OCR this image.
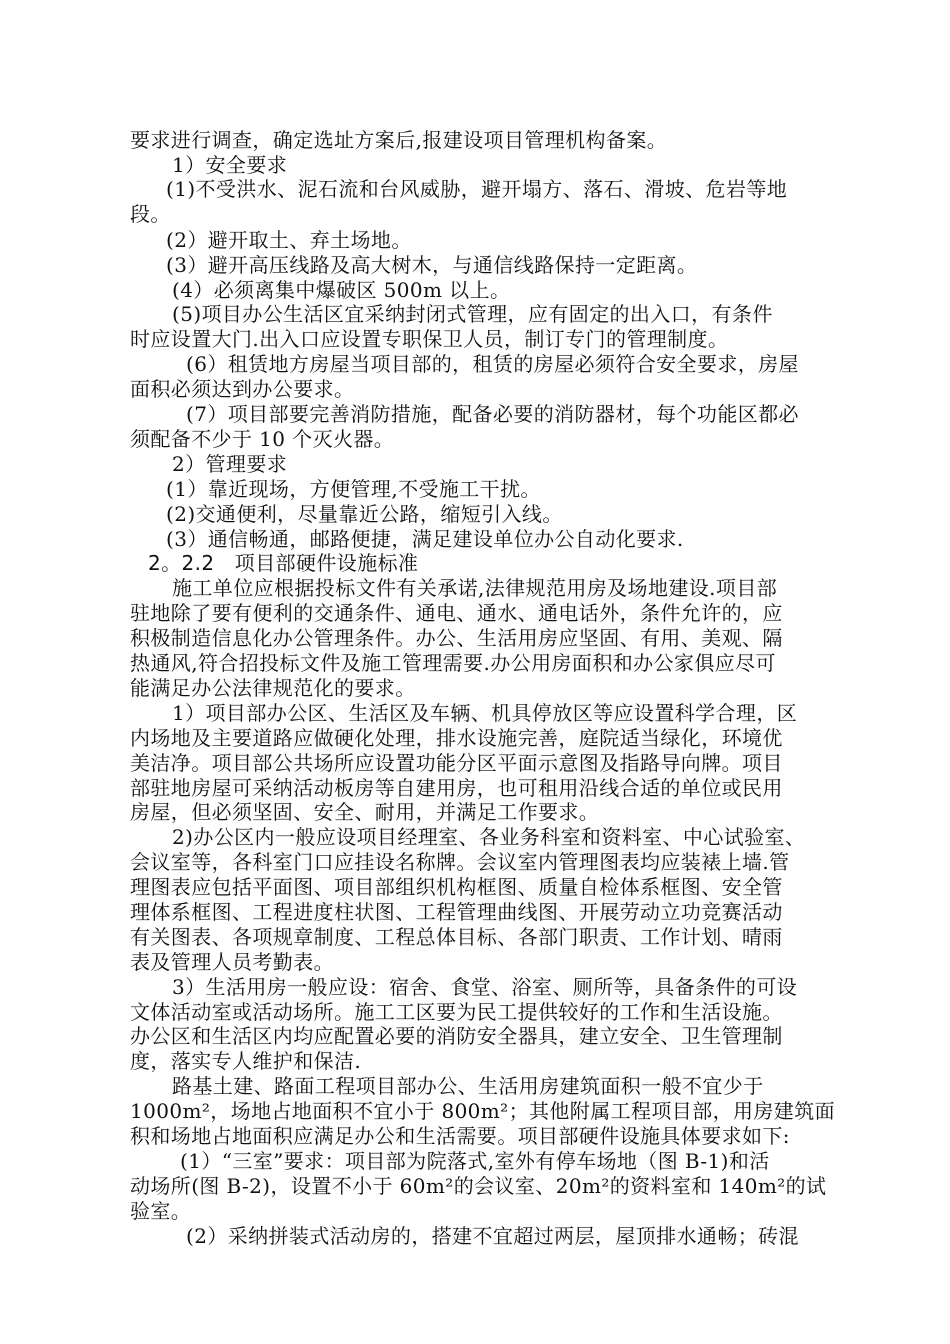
要求进行调查，确定选址方案后,报建设项目管理机构备案。
1）安全要求
(1)不受洪水、泥石流和台风威胁，避开塌方、落石、滑坡、危岩等地
段。
(2）避开取土、弃土场地。
(3）避开高压线路及高大树木，与通信线路保持一定距离。
(4）必须离集中爆破区 500m 以上。
(5)项目办公生活区宜采纳封闭式管理，应有固定的出入口，有条件
时应设置大门.出入口应设置专职保卫人员，制订专门的管理制度。
(6）租赁地方房屋当项目部的，租赁的房屋必须符合安全要求，房屋
面积必须达到办公要求。
(7）项目部要完善消防措施，配备必要的消防器材，每个功能区都必
须配备不少于 10 个灭火器。
2）管理要求
(1）靠近现场，方便管理,不受施工干扰。
(2)交通便利，尽量靠近公路，缩短引入线。
(3）通信畅通，邮路便捷，满足建设单位办公自动化要求.
2。2.2   项目部硬件设施标准
施工单位应根据投标文件有关承诺,法律规范用房及场地建设.项目部
驻地除了要有便利的交通条件、通电、通水、通电话外，条件允许的，应
积极制造信息化办公管理条件。办公、生活用房应坚固、有用、美观、隔
热通风,符合招投标文件及施工管理需要.办公用房面积和办公家俱应尽可
能满足办公法律规范化的要求。
1）项目部办公区、生活区及车辆、机具停放区等应设置科学合理，区
内场地及主要道路应做硬化处理，排水设施完善，庭院适当绿化，环境优
美洁净。项目部公共场所应设置功能分区平面示意图及指路导向牌。项目
部驻地房屋可采纳活动板房等自建用房，也可租用沿线合适的单位或民用
房屋，但必须坚固、安全、耐用，并满足工作要求。
2)办公区内一般应设项目经理室、各业务科室和资料室、中心试验室、
会议室等，各科室门口应挂设名称牌。会议室内管理图表均应装裱上墙.管
理图表应包括平面图、项目部组织机构框图、质量自检体系框图、安全管
理体系框图、工程进度柱状图、工程管理曲线图、开展劳动立功竞赛活动
有关图表、各项规章制度、工程总体目标、各部门职责、工作计划、晴雨
表及管理人员考勤表。
3）生活用房一般应设：宿舍、食堂、浴室、厕所等，具备条件的可设
文体活动室或活动场所。施工工区要为民工提供较好的工作和生活设施。
办公区和生活区内均应配置必要的消防安全器具，建立安全、卫生管理制
度，落实专人维护和保洁.
路基土建、路面工程项目部办公、生活用房建筑面积一般不宜少于
1000m²，场地占地面积不宜小于 800m²；其他附属工程项目部，用房建筑面
积和场地占地面积应满足办公和生活需要。项目部硬件设施具体要求如下:
(1）“三室”要求：项目部为院落式,室外有停车场地（图 B-1)和活
动场所(图 B-2)，设置不小于 60m²的会议室、20m²的资料室和 140m²的试
验室。
(2）采纳拼装式活动房的，搭建不宜超过两层，屋顶排水通畅；砖混
